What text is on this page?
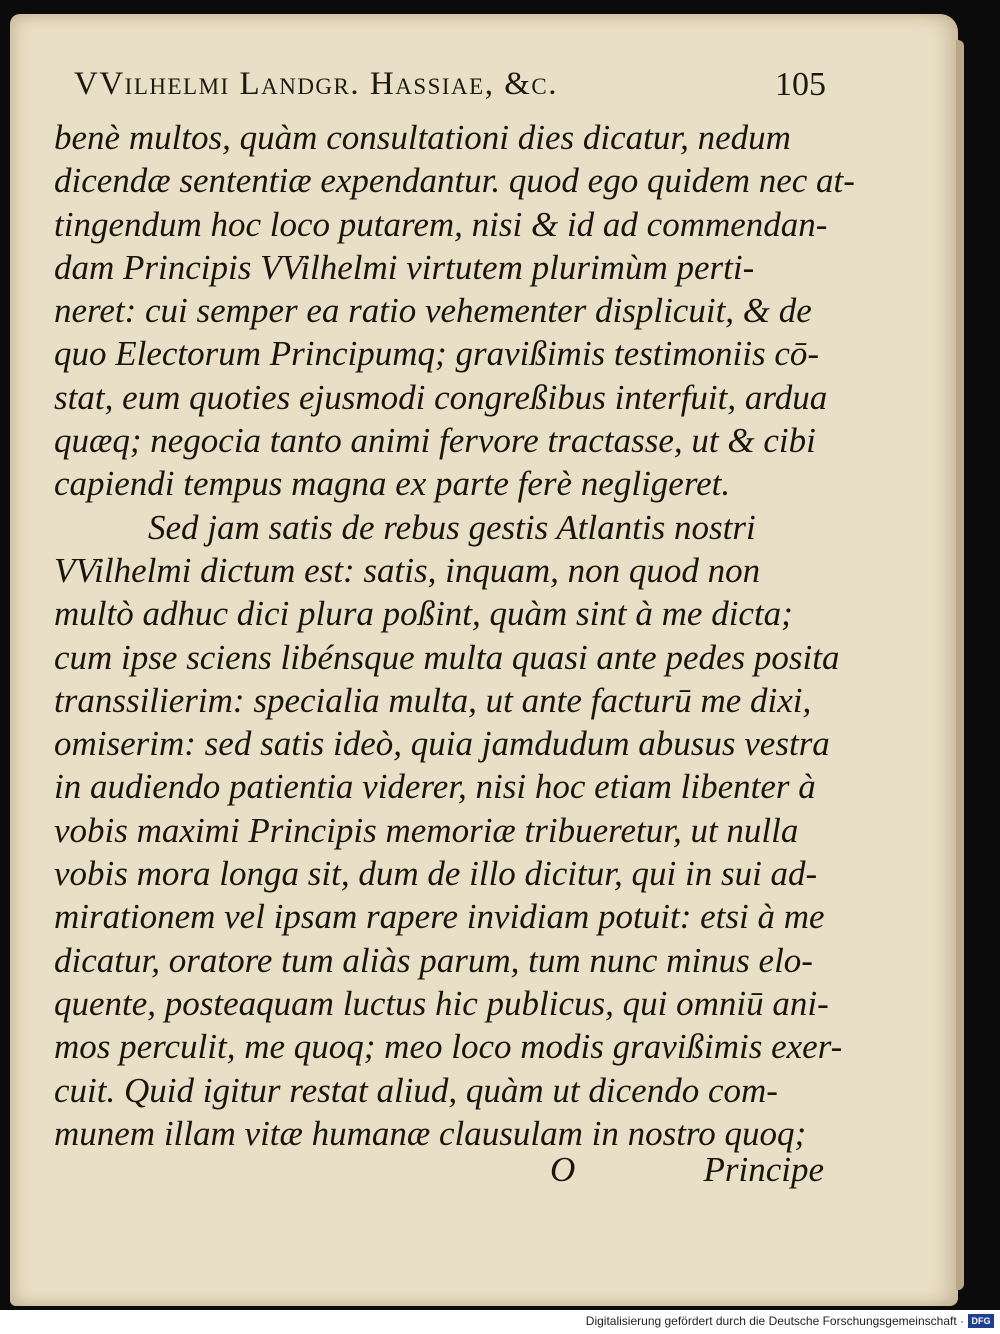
VVilhelmi Landgr. Hassiae, &c.	105
benè multos, quàm consultationi dies dicatur, nedum
dicendæ sententiæ expendantur. quod ego quidem nec at-
tingendum hoc loco putarem, nisi & id ad commendan-
dam Principis VVilhelmi virtutem plurimùm perti-
neret: cui semper ea ratio vehementer displicuit, & de
quo Electorum Principumq; gravißimis testimoniis cō-
stat, eum quoties ejusmodi congreßibus interfuit, ardua
quæq; negocia tanto animi fervore tractasse, ut & cibi
capiendi tempus magna ex parte ferè negligeret.
Sed jam satis de rebus gestis Atlantis nostri
VVilhelmi dictum est: satis, inquam, non quod non
multò adhuc dici plura poßint, quàm sint à me dicta;
cum ipse sciens libénsque multa quasi ante pedes posita
transsilierim: specialia multa, ut ante facturū me dixi,
omiserim: sed satis ideò, quia jamdudum abusus vestra
in audiendo patientia viderer, nisi hoc etiam libenter à
vobis maximi Principis memoriæ tribueretur, ut nulla
vobis mora longa sit, dum de illo dicitur, qui in sui ad-
mirationem vel ipsam rapere invidiam potuit: etsi à me
dicatur, oratore tum aliàs parum, tum nunc minus elo-
quente, posteaquam luctus hic publicus, qui omniū ani-
mos perculit, me quoq; meo loco modis gravißimis exer-
cuit. Quid igitur restat aliud, quàm ut dicendo com-
munem illam vitæ humanæ clausulam in nostro quoq;
O	Principe
Digitalisierung gefördert durch die Deutsche Forschungsgemeinschaft · DFG
